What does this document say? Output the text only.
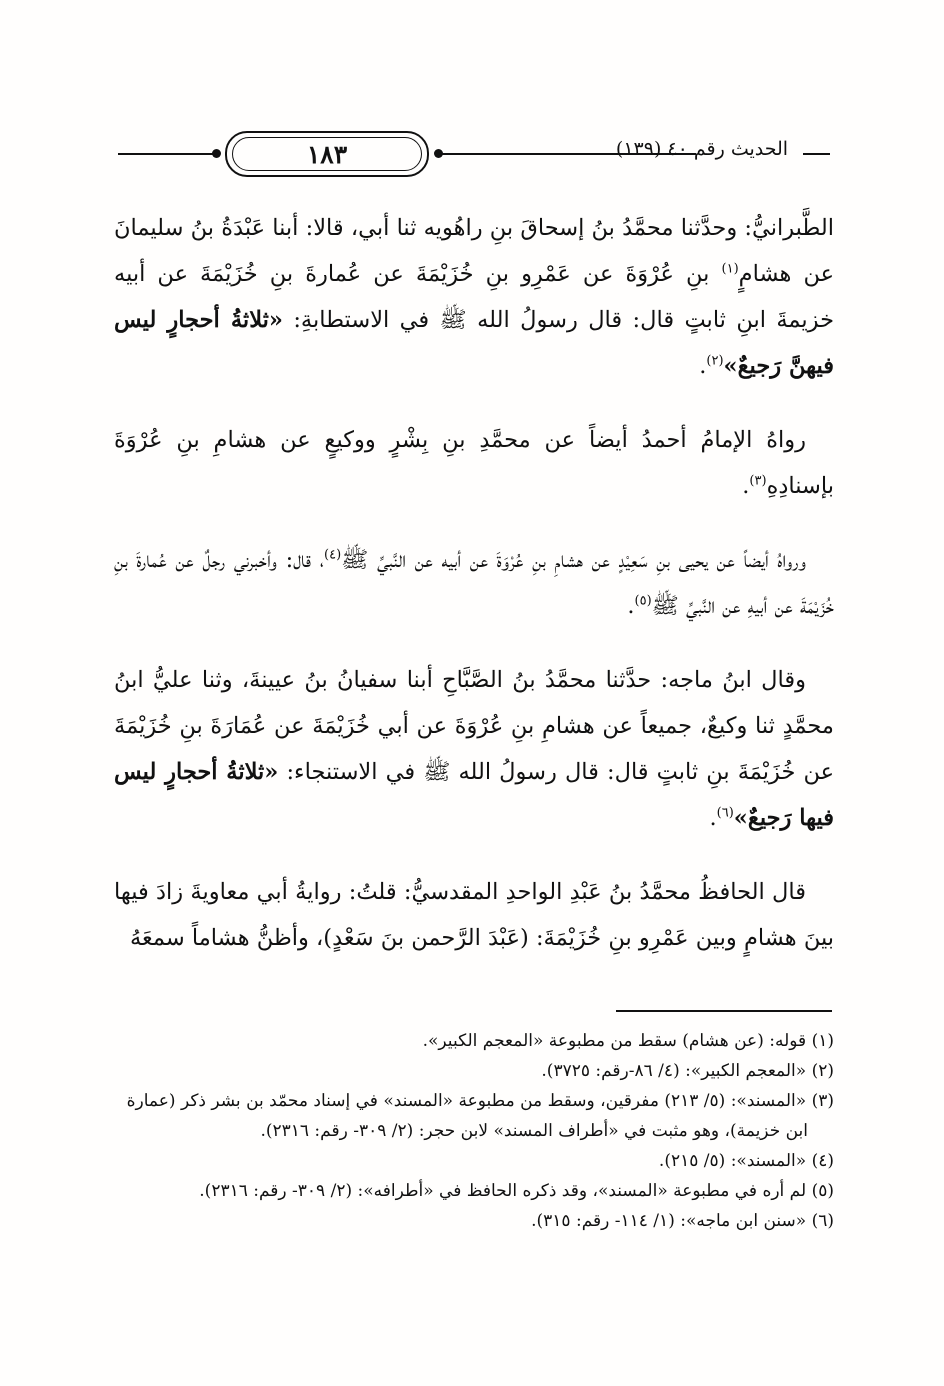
١٨٣	الحديث رقم ٤٠ (١٣٩)

الطَّبرانيُّ: وحدَّثنا محمَّدُ بنُ إسحاقَ بنِ راهُويه ثنا أبي، قالا: أبنا عَبْدَةُ بنُ سليمانَ عن هشامٍ$^{(١)}$ بنِ عُرْوَةَ عن عَمْرِو بنِ خُزَيْمَةَ عن عُمارةَ بنِ خُزَيْمَةَ عن أبيه خزيمةَ ابنِ ثابتٍ قال: قال رسولُ الله ﷺ في الاستطابةِ: «ثلاثةُ أحجارٍ ليس فيهنَّ رَجيعٌ»$^{(٢)}$.

رواهُ الإمامُ أحمدُ أيضاً عن محمَّدِ بنِ بِشْرٍ ووكيعٍ عن هشامِ بنِ عُرْوَةَ بإسنادِهِ$^{(٣)}$.

ورواهُ أيضاً عن يحيى بنِ سَعِيْدٍ عن هشامِ بنِ عُرْوَةَ عن أبيه عن النَّبيِّ ﷺ$^{(٤)}$، قال: وأخبرني رجلٌ عن عُمارةَ بنِ خُزَيْمَةَ عن أبيهِ عن النَّبيِّ ﷺ$^{(٥)}$.

وقال ابنُ ماجه: حدَّثنا محمَّدُ بنُ الصَّبَّاحِ أبنا سفيانُ بنُ عيينةَ، وثنا عليُّ ابنُ محمَّدٍ ثنا وكيعٌ، جميعاً عن هشامِ بنِ عُرْوَةَ عن أبي خُزَيْمَةَ عن عُمَارَةَ بنِ خُزَيْمَةَ عن خُزَيْمَةَ بنِ ثابتٍ قال: قال رسولُ الله ﷺ في الاستنجاء: «ثلاثةُ أحجارٍ ليس فيها رَجيعٌ»$^{(٦)}$.

قال الحافظُ محمَّدُ بنُ عَبْدِ الواحدِ المقدسيُّ: قلتُ: روايةُ أبي معاويةَ زادَ فيها بينَ هشامٍ وبين عَمْرِو بنِ خُزَيْمَةَ: (عَبْدَ الرَّحمن بنَ سَعْدٍ)، وأظنُّ هشاماً سمعَهُ

(١) قوله: (عن هشام) سقط من مطبوعة «المعجم الكبير».

(٢) «المعجم الكبير»: (٤/ ٨٦-رقم: ٣٧٢٥).

(٣) «المسند»: (٥/ ٢١٣) مفرقين، وسقط من مطبوعة «المسند» في إسناد محمّد بن بشر ذكر (عمارة ابن خزيمة)، وهو مثبت في «أطراف المسند» لابن حجر: (٢/ ٣٠٩- رقم: ٢٣١٦).

(٤) «المسند»: (٥/ ٢١٥).

(٥) لم أره في مطبوعة «المسند»، وقد ذكره الحافظ في «أطرافه»: (٢/ ٣٠٩- رقم: ٢٣١٦).

(٦) «سنن ابن ماجه»: (١/ ١١٤- رقم: ٣١٥).
